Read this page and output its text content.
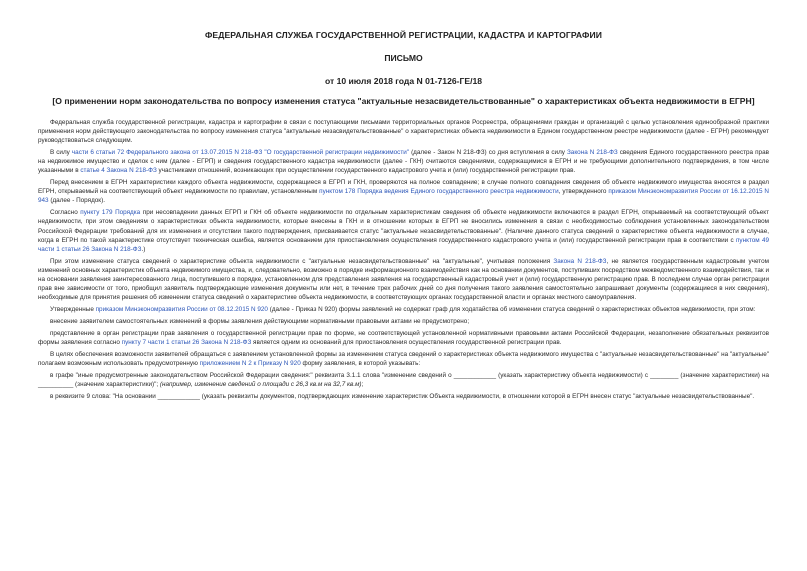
ФЕДЕРАЛЬНАЯ СЛУЖБА ГОСУДАРСТВЕННОЙ РЕГИСТРАЦИИ, КАДАСТРА И КАРТОГРАФИИ
ПИСЬМО
от 10 июля 2018 года N 01-7126-ГЕ/18
[О применении норм законодательства по вопросу изменения статуса "актуальные незасвидетельствованные" о характеристиках объекта недвижимости в ЕГРН]

Федеральная служба государственной регистрации, кадастра и картографии в связи с поступающими письмами территориальных органов Росреестра, обращениями граждан и организаций с целью установления единообразной практики применения норм действующего законодательства по вопросу изменения статуса "актуальные незасвидетельствованные" о характеристиках объекта недвижимости в Едином государственном реестре недвижимости (далее - ЕГРН) рекомендует руководствоваться следующим.

В силу части 6 статьи 72 Федерального закона от 13.07.2015 N 218-ФЗ "О государственной регистрации недвижимости" (далее - Закон N 218-ФЗ) со дня вступления в силу Закона N 218-ФЗ сведения Единого государственного реестра прав на недвижимое имущество и сделок с ним (далее - ЕГРП) и сведения государственного кадастра недвижимости (далее - ГКН) считаются сведениями, содержащимися в ЕГРН и не требующими дополнительного подтверждения, в том числе указанными в статье 4 Закона N 218-ФЗ участниками отношений, возникающих при осуществлении государственного кадастрового учета и (или) государственной регистрации прав.

Перед внесением в ЕГРН характеристики каждого объекта недвижимости, содержащиеся в ЕГРП и ГКН, проверяются на полное совпадение; в случае полного совпадения сведения об объекте недвижимого имущества вносятся в раздел ЕГРН, открываемый на соответствующий объект недвижимости по правилам, установленным пунктом 178 Порядка ведения Единого государственного реестра недвижимости, утвержденного приказом Минэкономразвития России от 16.12.2015 N 943 (далее - Порядок).

Согласно пункту 179 Порядка при несовпадении данных ЕГРП и ГКН об объекте недвижимости по отдельным характеристикам сведения об объекте недвижимости включаются в раздел ЕГРН, открываемый на соответствующий объект недвижимости, при этом сведениям о характеристиках объекта недвижимости, которые внесены в ГКН и в отношении которых в ЕГРП не вносились изменения в связи с необходимостью соблюдения установленных законодательством Российской Федерации требований для их изменения и отсутствии такого подтверждения, присваивается статус "актуальные незасвидетельствованные". (Наличие данного статуса сведений о характеристике объекта недвижимости в случае, когда в ЕГРН по такой характеристике отсутствует техническая ошибка, является основанием для приостановления осуществления государственного кадастрового учета и (или) государственной регистрации прав в соответствии с пунктом 49 части 1 статьи 26 Закона N 218-ФЗ.)

При этом изменение статуса сведений о характеристике объекта недвижимости с "актуальные незасвидетельствованные" на "актуальные", учитывая положения Закона N 218-ФЗ, не является государственным кадастровым учетом изменений основных характеристик объекта недвижимого имущества, и, следовательно, возможно в порядке информационного взаимодействия как на основании документов, поступивших посредством межведомственного взаимодействия, так и на основании заявления заинтересованного лица, поступившего в порядке, установленном для представления заявления на государственный кадастровый учет и (или) государственную регистрацию прав. В последнем случае орган регистрации прав вне зависимости от того, приобщил заявитель подтверждающие изменения документы или нет, в течение трех рабочих дней со дня получения такого заявления самостоятельно запрашивает документы (содержащиеся в них сведения), необходимые для принятия решения об изменении статуса сведений о характеристике объекта недвижимости, в соответствующих органах государственной власти и органах местного самоуправления.

Утвержденные приказом Минэкономразвития России от 08.12.2015 N 920 (далее - Приказ N 920) формы заявлений не содержат граф для ходатайства об изменении статуса сведений о характеристиках объектов недвижимости, при этом:

внесение заявителем самостоятельных изменений в формы заявления действующими нормативными правовыми актами не предусмотрено;

представление в орган регистрации прав заявления о государственной регистрации прав по форме, не соответствующей установленной нормативными правовыми актами Российской Федерации, незаполнение обязательных реквизитов формы заявления согласно пункту 7 части 1 статьи 26 Закона N 218-ФЗ является одним из оснований для приостановления осуществления государственной регистрации прав.

В целях обеспечения возможности заявителей обращаться с заявлением установленной формы за изменением статуса сведений о характеристиках объекта недвижимого имущества с "актуальные незасвидетельствованные" на "актуальные" полагаем возможным использовать предусмотренную приложением N 2 к Приказу N 920 форму заявления, в которой указывать:

в графе "иные предусмотренные законодательством Российской Федерации сведения:" реквизита 3.1.1 слова "изменение сведений о ____________ (указать характеристику объекта недвижимости) с ________ (значение характеристики) на __________ (значение характеристики)"; (например, изменение сведений о площади с 26,3 кв.м на 32,7 кв.м);

в реквизите 9 слова: "На основании ____________ (указать реквизиты документов, подтверждающих изменение характеристик Объекта недвижимости, в отношении которой в ЕГРН внесен статус "актуальные незасвидетельствованные".
